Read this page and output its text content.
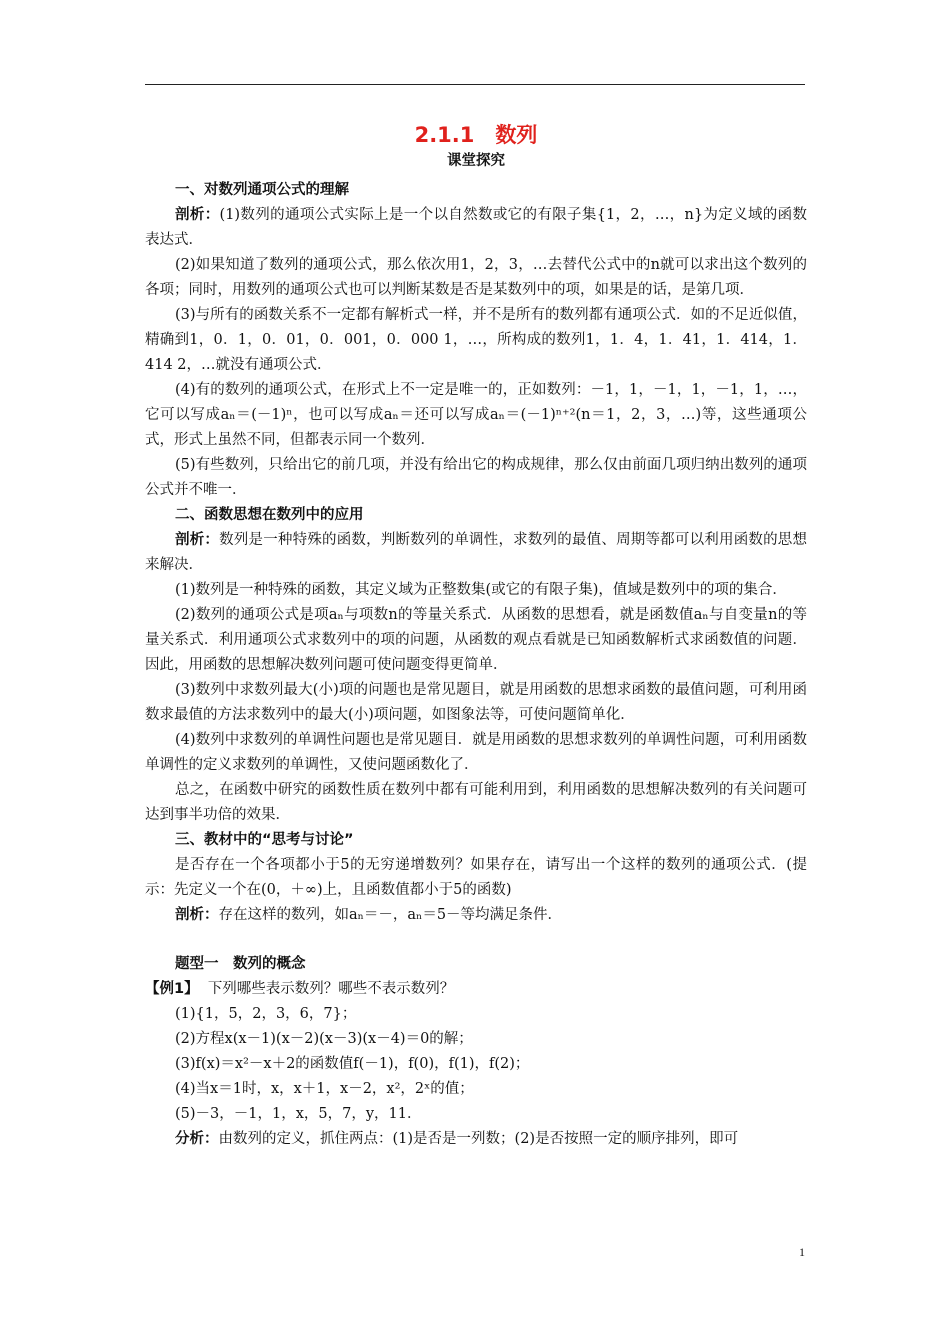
2.1.1　数列
课堂探究
一、对数列通项公式的理解

剖析：(1)数列的通项公式实际上是一个以自然数或它的有限子集{1，2，…，n}为定义域的函数表达式．

(2)如果知道了数列的通项公式，那么依次用1，2，3，…去替代公式中的n就可以求出这个数列的各项；同时，用数列的通项公式也可以判断某数是否是某数列中的项，如果是的话，是第几项．

(3)与所有的函数关系不一定都有解析式一样，并不是所有的数列都有通项公式．如的不足近似值，精确到1，0．1，0．01，0．001，0．000 1，…，所构成的数列1，1．4，1．41，1．414，1．414 2，…就没有通项公式．

(4)有的数列的通项公式，在形式上不一定是唯一的，正如数列：－1，1，－1，1，－1，1，…，它可以写成aₙ＝(－1)ⁿ，也可以写成aₙ＝还可以写成aₙ＝(－1)ⁿ⁺²(n＝1，2，3，…)等，这些通项公式，形式上虽然不同，但都表示同一个数列．

(5)有些数列，只给出它的前几项，并没有给出它的构成规律，那么仅由前面几项归纳出数列的通项公式并不唯一．

二、函数思想在数列中的应用

剖析：数列是一种特殊的函数，判断数列的单调性，求数列的最值、周期等都可以利用函数的思想来解决．

(1)数列是一种特殊的函数，其定义域为正整数集(或它的有限子集)，值域是数列中的项的集合．

(2)数列的通项公式是项aₙ与项数n的等量关系式．从函数的思想看，就是函数值aₙ与自变量n的等量关系式．利用通项公式求数列中的项的问题，从函数的观点看就是已知函数解析式求函数值的问题．因此，用函数的思想解决数列问题可使问题变得更简单．

(3)数列中求数列最大(小)项的问题也是常见题目，就是用函数的思想求函数的最值问题，可利用函数求最值的方法求数列中的最大(小)项问题，如图象法等，可使问题简单化．

(4)数列中求数列的单调性问题也是常见题目．就是用函数的思想求数列的单调性问题，可利用函数单调性的定义求数列的单调性，又使问题函数化了．

总之，在函数中研究的函数性质在数列中都有可能利用到，利用函数的思想解决数列的有关问题可达到事半功倍的效果．

三、教材中的“思考与讨论”

是否存在一个各项都小于5的无穷递增数列？如果存在，请写出一个这样的数列的通项公式．(提示：先定义一个在(0，＋∞)上，且函数值都小于5的函数)

剖析：存在这样的数列，如aₙ＝－，aₙ＝5－等均满足条件．

题型一　数列的概念

【例1】 下列哪些表示数列？哪些不表示数列？

(1){1，5，2，3，6，7}；

(2)方程x(x－1)(x－2)(x－3)(x－4)＝0的解；

(3)f(x)＝x²－x＋2的函数值f(－1)，f(0)，f(1)，f(2)；

(4)当x＝1时，x，x＋1，x－2，x²，2ˣ的值；

(5)－3，－1，1，x，5，7，y，11．

分析：由数列的定义，抓住两点：(1)是否是一列数；(2)是否按照一定的顺序排列，即可

1
